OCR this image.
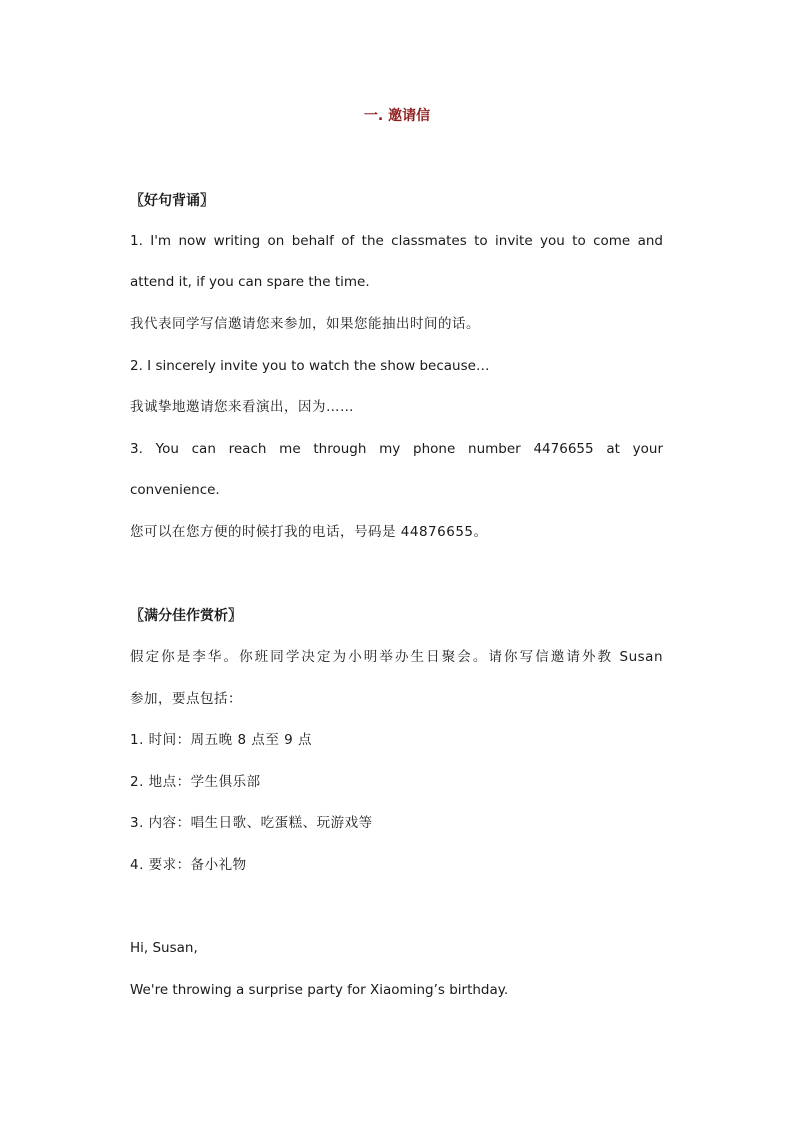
一. 邀请信
〖好句背诵〗
1. I'm now writing on behalf of the classmates to invite you to come and
attend it, if you can spare the time.
我代表同学写信邀请您来参加，如果您能抽出时间的话。
2. I sincerely invite you to watch the show because…
我诚挚地邀请您来看演出，因为……
3. You can reach me through my phone number 4476655 at your
convenience.
您可以在您方便的时候打我的电话，号码是 44876655。
〖满分佳作赏析〗
假定你是李华。你班同学决定为小明举办生日聚会。请你写信邀请外教 Susan
参加，要点包括：
1. 时间：周五晚 8 点至 9 点
2. 地点：学生俱乐部
3. 内容：唱生日歌、吃蛋糕、玩游戏等
4. 要求：备小礼物
Hi, Susan,
We're throwing a surprise party for Xiaoming’s birthday.
